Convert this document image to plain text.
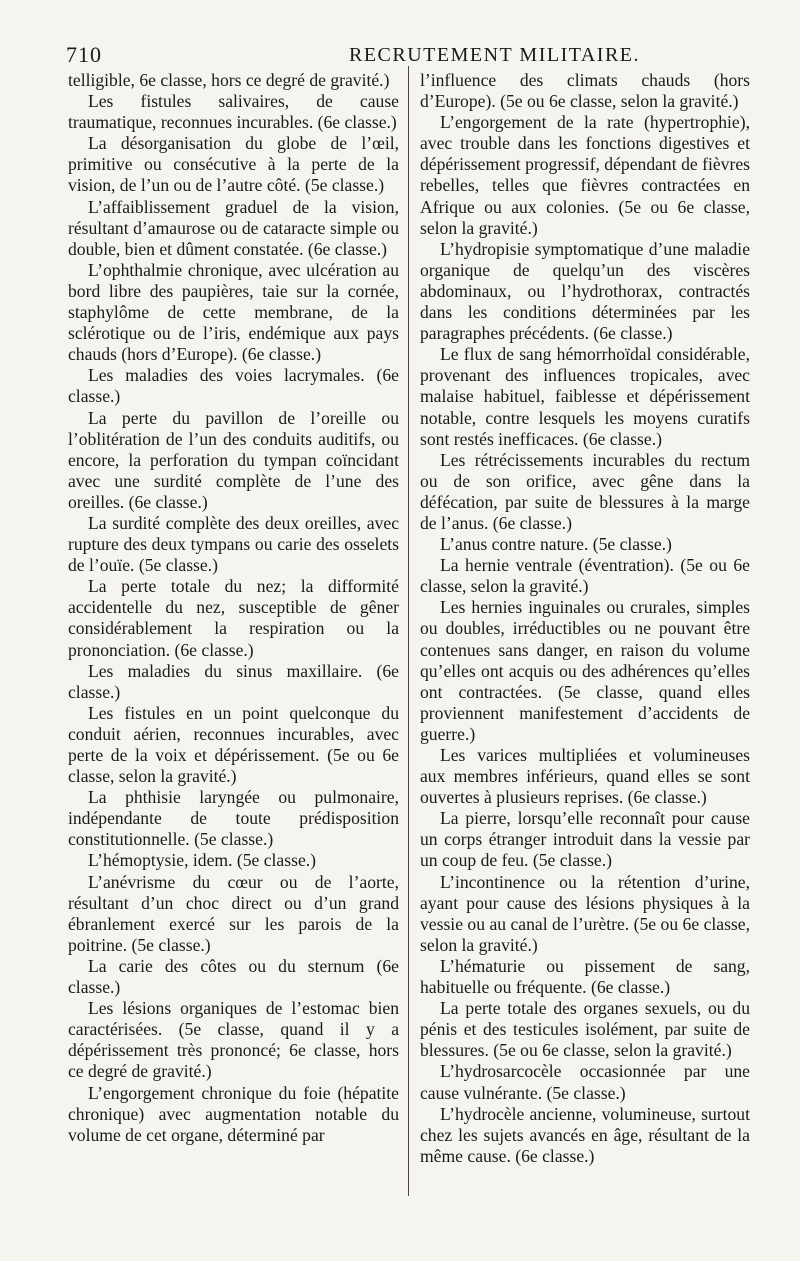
710	RECRUTEMENT MILITAIRE.

telligible, 6e classe, hors ce degré de gravité.)

Les fistules salivaires, de cause traumatique, reconnues incurables. (6e classe.)

La désorganisation du globe de l’œil, primitive ou consécutive à la perte de la vision, de l’un ou de l’autre côté. (5e classe.)

L’affaiblissement graduel de la vision, résultant d’amaurose ou de cataracte simple ou double, bien et dûment constatée. (6e classe.)

L’ophthalmie chronique, avec ulcération au bord libre des paupières, taie sur la cornée, staphylôme de cette membrane, de la sclérotique ou de l’iris, endémique aux pays chauds (hors d’Europe). (6e classe.)

Les maladies des voies lacrymales. (6e classe.)

La perte du pavillon de l’oreille ou l’oblitération de l’un des conduits auditifs, ou encore, la perforation du tympan coïncidant avec une surdité complète de l’une des oreilles. (6e classe.)

La surdité complète des deux oreilles, avec rupture des deux tympans ou carie des osselets de l’ouïe. (5e classe.)

La perte totale du nez; la difformité accidentelle du nez, susceptible de gêner considérablement la respiration ou la prononciation. (6e classe.)

Les maladies du sinus maxillaire. (6e classe.)

Les fistules en un point quelconque du conduit aérien, reconnues incurables, avec perte de la voix et dépérissement. (5e ou 6e classe, selon la gravité.)

La phthisie laryngée ou pulmonaire, indépendante de toute prédisposition constitutionnelle. (5e classe.)

L’hémoptysie, idem. (5e classe.)

L’anévrisme du cœur ou de l’aorte, résultant d’un choc direct ou d’un grand ébranlement exercé sur les parois de la poitrine. (5e classe.)

La carie des côtes ou du sternum (6e classe.)

Les lésions organiques de l’estomac bien caractérisées. (5e classe, quand il y a dépérissement très prononcé; 6e classe, hors ce degré de gravité.)

L’engorgement chronique du foie (hépatite chronique) avec augmentation notable du volume de cet organe, déterminé par

l’influence des climats chauds (hors d’Europe). (5e ou 6e classe, selon la gravité.)

L’engorgement de la rate (hypertrophie), avec trouble dans les fonctions digestives et dépérissement progressif, dépendant de fièvres rebelles, telles que fièvres contractées en Afrique ou aux colonies. (5e ou 6e classe, selon la gravité.)

L’hydropisie symptomatique d’une maladie organique de quelqu’un des viscères abdominaux, ou l’hydrothorax, contractés dans les conditions déterminées par les paragraphes précédents. (6e classe.)

Le flux de sang hémorrhoïdal considérable, provenant des influences tropicales, avec malaise habituel, faiblesse et dépérissement notable, contre lesquels les moyens curatifs sont restés inefficaces. (6e classe.)

Les rétrécissements incurables du rectum ou de son orifice, avec gêne dans la défécation, par suite de blessures à la marge de l’anus. (6e classe.)

L’anus contre nature. (5e classe.)

La hernie ventrale (éventration). (5e ou 6e classe, selon la gravité.)

Les hernies inguinales ou crurales, simples ou doubles, irréductibles ou ne pouvant être contenues sans danger, en raison du volume qu’elles ont acquis ou des adhérences qu’elles ont contractées. (5e classe, quand elles proviennent manifestement d’accidents de guerre.)

Les varices multipliées et volumineuses aux membres inférieurs, quand elles se sont ouvertes à plusieurs reprises. (6e classe.)

La pierre, lorsqu’elle reconnaît pour cause un corps étranger introduit dans la vessie par un coup de feu. (5e classe.)

L’incontinence ou la rétention d’urine, ayant pour cause des lésions physiques à la vessie ou au canal de l’urètre. (5e ou 6e classe, selon la gravité.)

L’hématurie ou pissement de sang, habituelle ou fréquente. (6e classe.)

La perte totale des organes sexuels, ou du pénis et des testicules isolément, par suite de blessures. (5e ou 6e classe, selon la gravité.)

L’hydrosarcocèle occasionnée par une cause vulnérante. (5e classe.)

L’hydrocèle ancienne, volumineuse, surtout chez les sujets avancés en âge, résultant de la même cause. (6e classe.)
